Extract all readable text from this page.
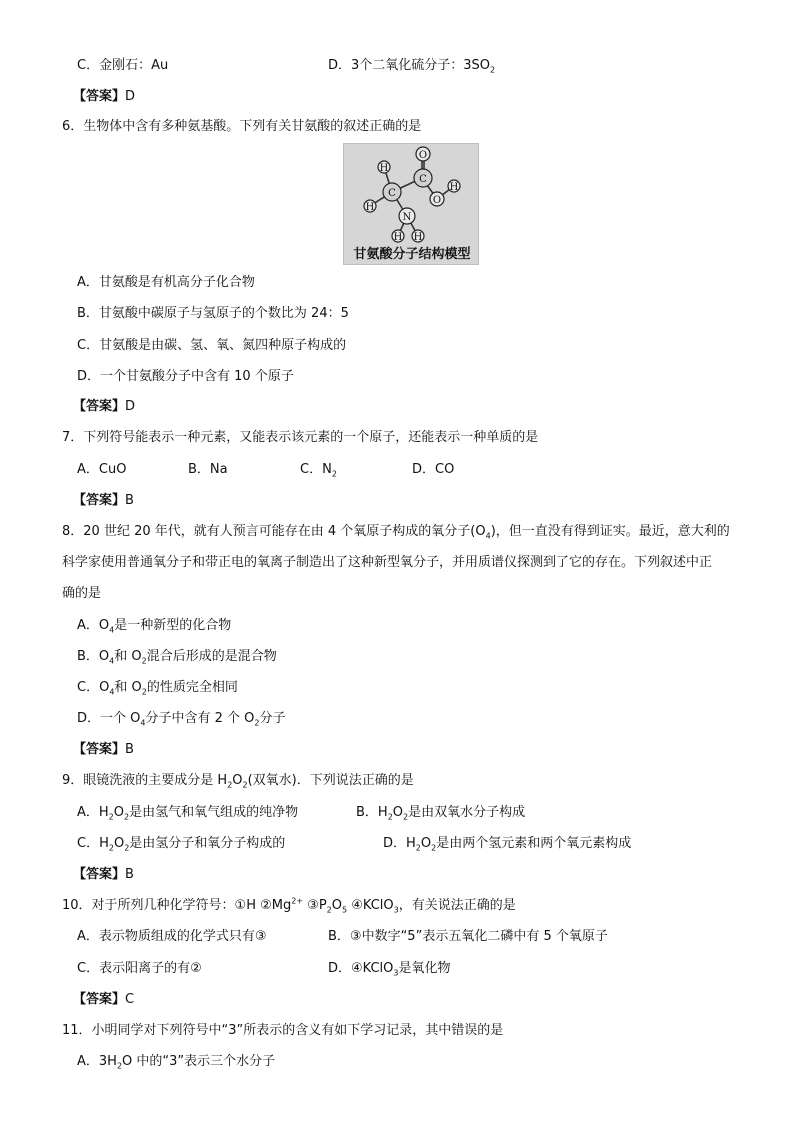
C．金刚石：Au	D．3个二氧化硫分子：$3SO_2$
【答案】D
6．生物体中含有多种氨基酸。下列有关甘氨酸的叙述正确的是
O
H
C
C
H
H
O
N
H H
甘氨酸分子结构模型
A．甘氨酸是有机高分子化合物
B．甘氨酸中碳原子与氢原子的个数比为 24：5
C．甘氨酸是由碳、氢、氧、氮四种原子构成的
D．一个甘氨酸分子中含有 10 个原子
【答案】D
7．下列符号能表示一种元素，又能表示该元素的一个原子，还能表示一种单质的是
A．CuO	B．Na	C．$N_2$	D．CO
【答案】B
8．20 世纪 20 年代，就有人预言可能存在由 4 个氧原子构成的氧分子$(O_4)$，但一直没有得到证实。最近，意大利的
科学家使用普通氧分子和带正电的氧离子制造出了这种新型氧分子，并用质谱仪探测到了它的存在。下列叙述中正
确的是
A．$O_4$是一种新型的化合物
B．$O_4$和 $O_2$混合后形成的是混合物
C．$O_4$和 $O_2$的性质完全相同
D．一个 $O_4$分子中含有 2 个 $O_2$分子
【答案】B
9．眼镜洗液的主要成分是 $H_2O_2$(双氧水)．下列说法正确的是
A．$H_2O_2$是由氢气和氧气组成的纯净物	B．$H_2O_2$是由双氧水分子构成
C．$H_2O_2$是由氢分子和氧分子构成的	D．$H_2O_2$是由两个氢元素和两个氧元素构成
【答案】B
10．对于所列几种化学符号：①H $②Mg^{2+}$ $③P_2O_5$ ④KClO$_3$，有关说法正确的是
A．表示物质组成的化学式只有③	B．③中数字“5”表示五氧化二磷中有 5 个氧原子
C．表示阳离子的有②	D．④KClO$_3$是氧化物
【答案】C
11．小明同学对下列符号中“3”所表示的含义有如下学习记录，其中错误的是
A．$3H_2O$ 中的“3”表示三个水分子
